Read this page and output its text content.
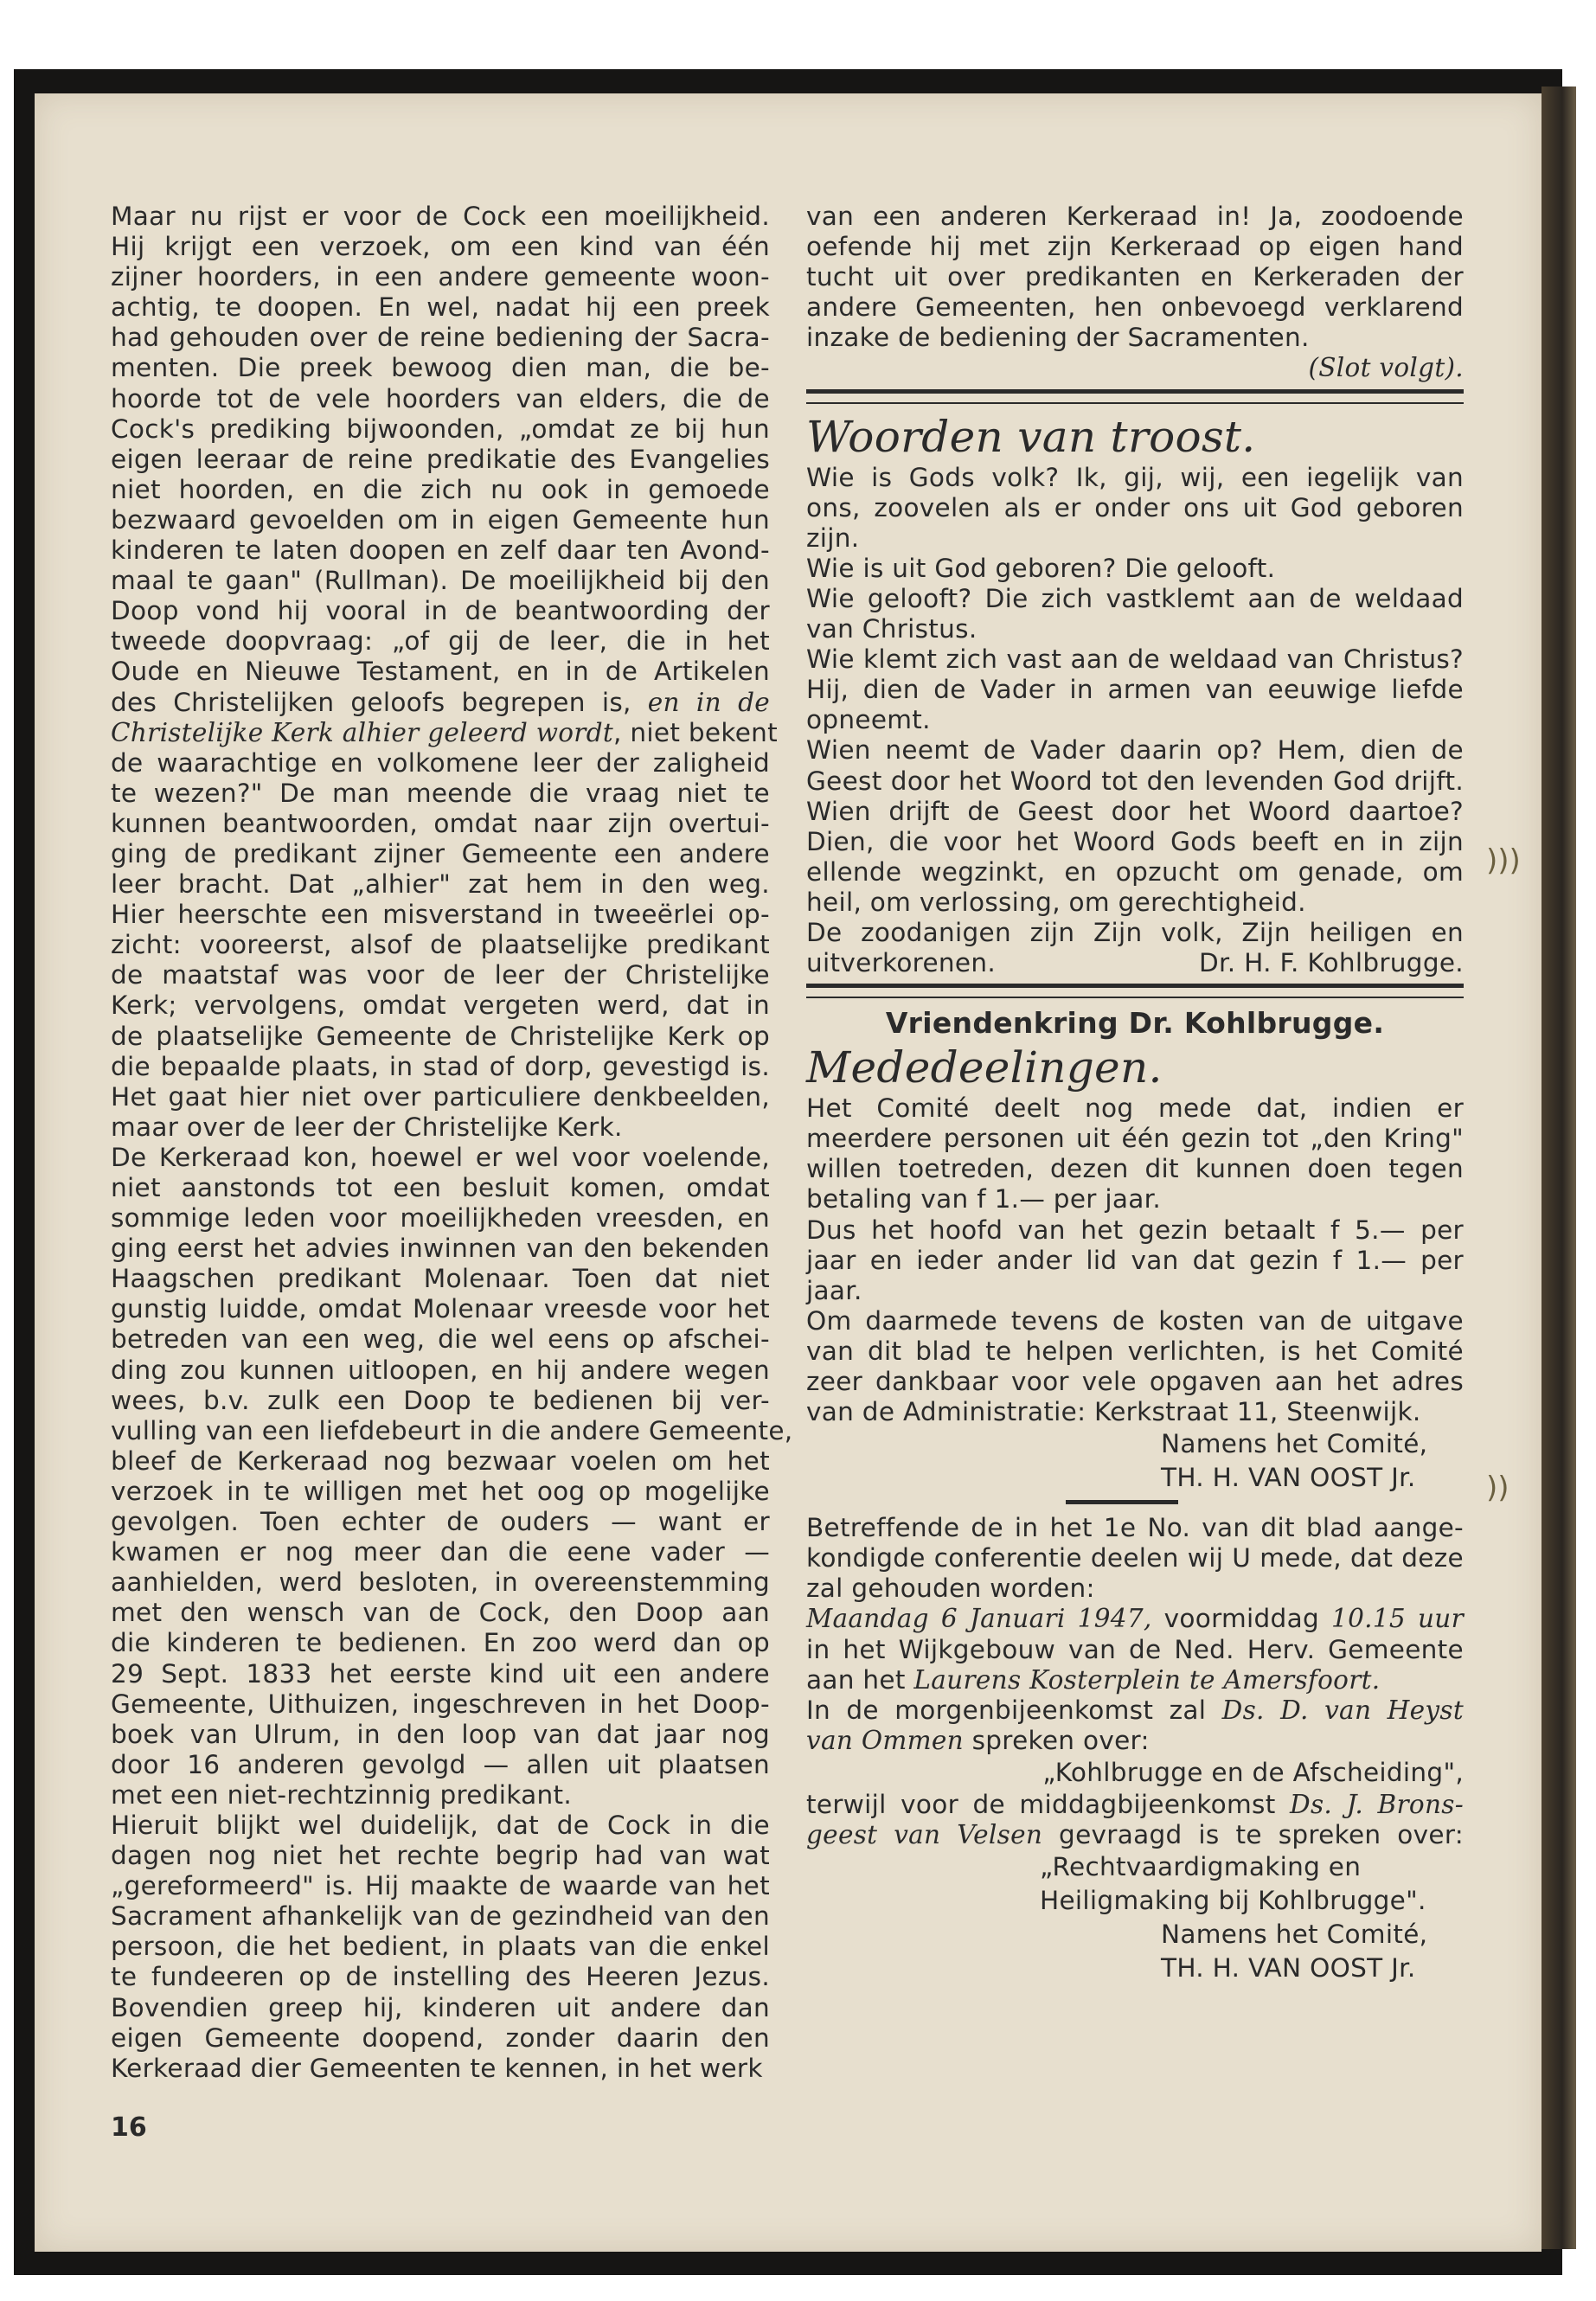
)))
))
Maar nu rijst er voor de Cock een moeilijkheid.
Hij krijgt een verzoek, om een kind van één
zijner hoorders, in een andere gemeente woon-
achtig, te doopen. En wel, nadat hij een preek
had gehouden over de reine bediening der Sacra-
menten. Die preek bewoog dien man, die be-
hoorde tot de vele hoorders van elders, die de
Cock's prediking bijwoonden, „omdat ze bij hun
eigen leeraar de reine predikatie des Evangelies
niet hoorden, en die zich nu ook in gemoede
bezwaard gevoelden om in eigen Gemeente hun
kinderen te laten doopen en zelf daar ten Avond-
maal te gaan" (Rullman). De moeilijkheid bij den
Doop vond hij vooral in de beantwoording der
tweede doopvraag: „of gij de leer, die in het
Oude en Nieuwe Testament, en in de Artikelen
des Christelijken geloofs begrepen is, en in de
Christelijke Kerk alhier geleerd wordt, niet bekent
de waarachtige en volkomene leer der zaligheid
te wezen?" De man meende die vraag niet te
kunnen beantwoorden, omdat naar zijn overtui-
ging de predikant zijner Gemeente een andere
leer bracht. Dat „alhier" zat hem in den weg.
Hier heerschte een misverstand in tweeërlei op-
zicht: vooreerst, alsof de plaatselijke predikant
de maatstaf was voor de leer der Christelijke
Kerk; vervolgens, omdat vergeten werd, dat in
de plaatselijke Gemeente de Christelijke Kerk op
die bepaalde plaats, in stad of dorp, gevestigd is.
Het gaat hier niet over particuliere denkbeelden,
maar over de leer der Christelijke Kerk.
De Kerkeraad kon, hoewel er wel voor voelende,
niet aanstonds tot een besluit komen, omdat
sommige leden voor moeilijkheden vreesden, en
ging eerst het advies inwinnen van den bekenden
Haagschen predikant Molenaar. Toen dat niet
gunstig luidde, omdat Molenaar vreesde voor het
betreden van een weg, die wel eens op afschei-
ding zou kunnen uitloopen, en hij andere wegen
wees, b.v. zulk een Doop te bedienen bij ver-
vulling van een liefdebeurt in die andere Gemeente,
bleef de Kerkeraad nog bezwaar voelen om het
verzoek in te willigen met het oog op mogelijke
gevolgen. Toen echter de ouders — want er
kwamen er nog meer dan die eene vader —
aanhielden, werd besloten, in overeenstemming
met den wensch van de Cock, den Doop aan
die kinderen te bedienen. En zoo werd dan op
29 Sept. 1833 het eerste kind uit een andere
Gemeente, Uithuizen, ingeschreven in het Doop-
boek van Ulrum, in den loop van dat jaar nog
door 16 anderen gevolgd — allen uit plaatsen
met een niet-rechtzinnig predikant.
Hieruit blijkt wel duidelijk, dat de Cock in die
dagen nog niet het rechte begrip had van wat
„gereformeerd" is. Hij maakte de waarde van het
Sacrament afhankelijk van de gezindheid van den
persoon, die het bedient, in plaats van die enkel
te fundeeren op de instelling des Heeren Jezus.
Bovendien greep hij, kinderen uit andere dan
eigen Gemeente doopend, zonder daarin den
Kerkeraad dier Gemeenten te kennen, in het werk
van een anderen Kerkeraad in! Ja, zoodoende
oefende hij met zijn Kerkeraad op eigen hand
tucht uit over predikanten en Kerkeraden der
andere Gemeenten, hen onbevoegd verklarend
inzake de bediening der Sacramenten.
(Slot volgt).
Woorden van troost.
Wie is Gods volk? Ik, gij, wij, een iegelijk van
ons, zoovelen als er onder ons uit God geboren
zijn.
Wie is uit God geboren? Die gelooft.
Wie gelooft? Die zich vastklemt aan de weldaad
van Christus.
Wie klemt zich vast aan de weldaad van Christus?
Hij, dien de Vader in armen van eeuwige liefde
opneemt.
Wien neemt de Vader daarin op? Hem, dien de
Geest door het Woord tot den levenden God drijft.
Wien drijft de Geest door het Woord daartoe?
Dien, die voor het Woord Gods beeft en in zijn
ellende wegzinkt, en opzucht om genade, om
heil, om verlossing, om gerechtigheid.
De zoodanigen zijn Zijn volk, Zijn heiligen en
uitverkorenen.	Dr. H. F. Kohlbrugge.
Vriendenkring Dr. Kohlbrugge.
Mededeelingen.
Het Comité deelt nog mede dat, indien er
meerdere personen uit één gezin tot „den Kring"
willen toetreden, dezen dit kunnen doen tegen
betaling van f 1.— per jaar.
Dus het hoofd van het gezin betaalt f 5.— per
jaar en ieder ander lid van dat gezin f 1.— per
jaar.
Om daarmede tevens de kosten van de uitgave
van dit blad te helpen verlichten, is het Comité
zeer dankbaar voor vele opgaven aan het adres
van de Administratie: Kerkstraat 11, Steenwijk.
Namens het Comité,
TH. H. VAN OOST Jr.
Betreffende de in het 1e No. van dit blad aange-
kondigde conferentie deelen wij U mede, dat deze
zal gehouden worden:
Maandag 6 Januari 1947, voormiddag 10.15 uur
in het Wijkgebouw van de Ned. Herv. Gemeente
aan het Laurens Kosterplein te Amersfoort.
In de morgenbijeenkomst zal Ds. D. van Heyst
van Ommen spreken over:
„Kohlbrugge en de Afscheiding",
terwijl voor de middagbijeenkomst Ds. J. Brons-
geest van Velsen gevraagd is te spreken over:
„Rechtvaardigmaking en
Heiligmaking bij Kohlbrugge".
Namens het Comité,
TH. H. VAN OOST Jr.
16
